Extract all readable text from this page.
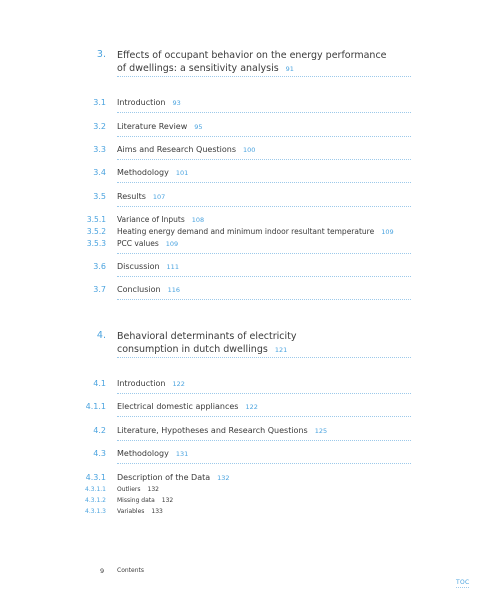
3. Effects of occupant behavior on the energy performance
of dwellings: a sensitivity analysis 91
3.1 Introduction 93
3.2 Literature Review 95
3.3 Aims and Research Questions 100
3.4 Methodology 101
3.5 Results 107
3.5.1 Variance of Inputs 108
3.5.2 Heating energy demand and minimum indoor resultant temperature 109
3.5.3 PCC values 109
3.6 Discussion 111
3.7 Conclusion 116
4. Behavioral determinants of electricity
consumption in dutch dwellings 121
4.1 Introduction 122
4.1.1 Electrical domestic appliances 122
4.2 Literature, Hypotheses and Research Questions 125
4.3 Methodology 131
4.3.1 Description of the Data 132
4.3.1.1 Outliers 132
4.3.1.2 Missing data 132
4.3.1.3 Variables 133
9 Contents
TOC
